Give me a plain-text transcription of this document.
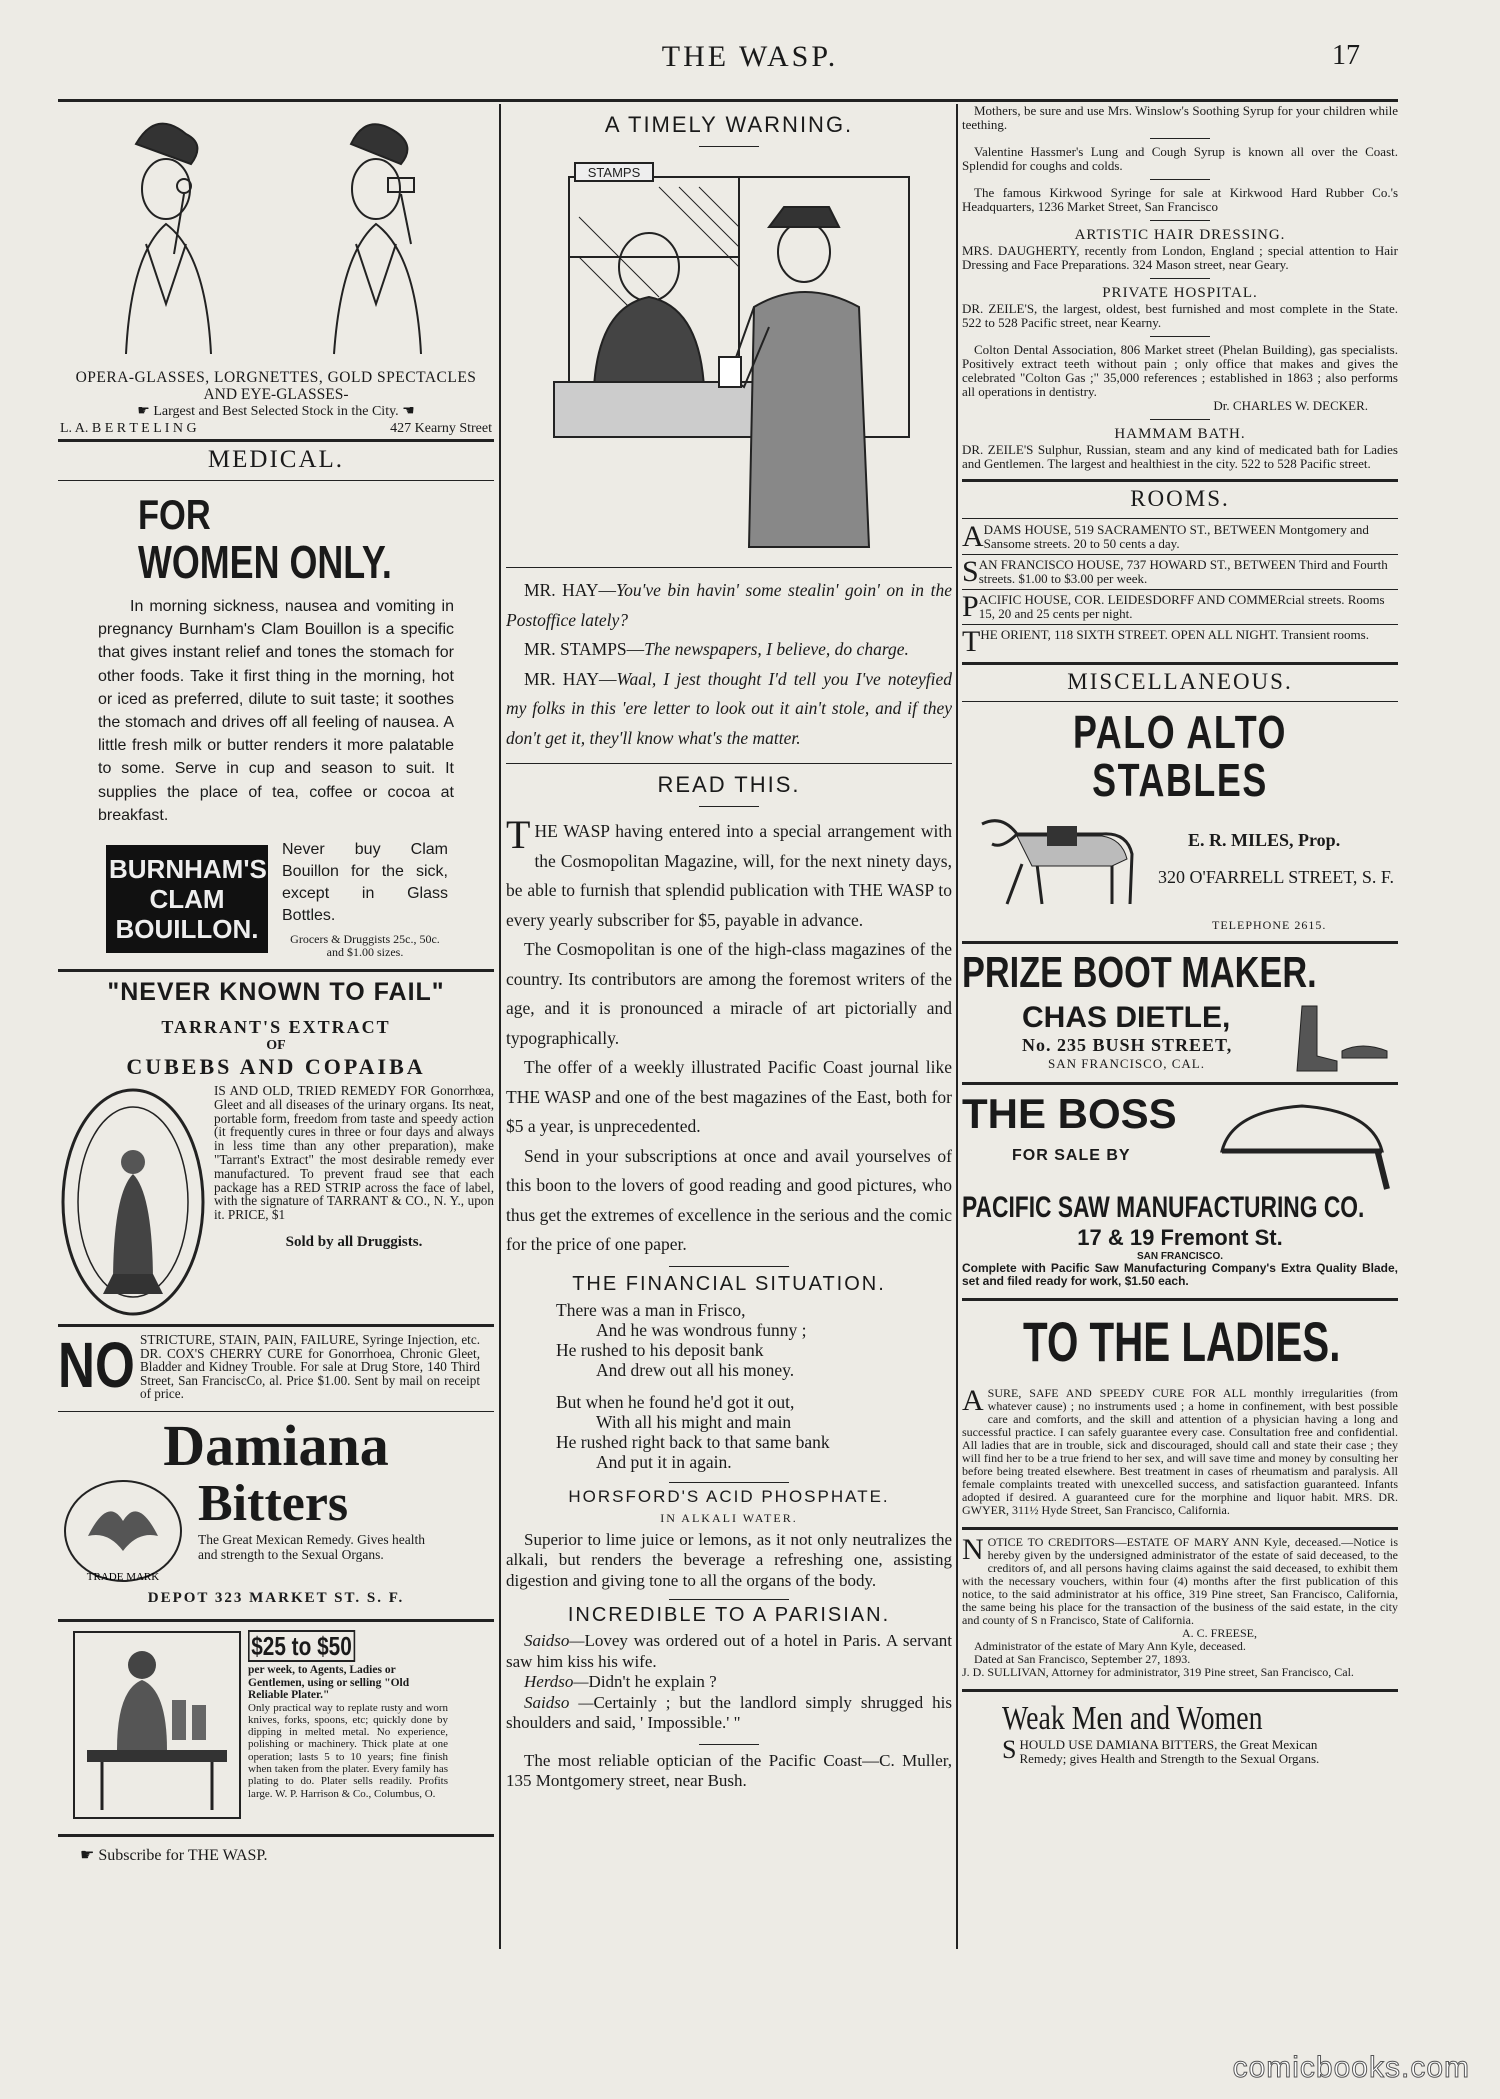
THE WASP.	17

OPERA-GLASSES, LORGNETTES, GOLD SPECTACLES

AND EYE-GLASSES-

☛ Largest and Best Selected Stock in the City. ☚

L. A. B E R T E L I N G	427 Kearny Street
MEDICAL.
FOR
WOMEN ONLY.

In morning sickness, nausea and vomiting in pregnancy Burnham's Clam Bouillon is a specific that gives instant relief and tones the stomach for other foods. Take it first thing in the morning, hot or iced as preferred, dilute to suit taste; it soothes the stomach and drives off all feeling of nausea. A little fresh milk or butter renders it more palatable to some. Serve in cup and season to suit. It supplies the place of tea, coffee or cocoa at breakfast.

BURNHAM'S
CLAM
BOUILLON.

Never buy Clam Bouillon for the sick, except in Glass Bottles.

Grocers & Druggists 25c., 50c. and $1.00 sizes.

"NEVER KNOWN TO FAIL"
TARRANT'S EXTRACT
OF
CUBEBS AND COPAIBA

IS AND OLD, TRIED REMEDY FOR Gonorrhœa, Gleet and all diseases of the urinary organs. Its neat, portable form, freedom from taste and speedy action (it frequently cures in three or four days and always in less time than any other preparation), make "Tarrant's Extract" the most desirable remedy ever manufactured. To prevent fraud see that each package has a RED STRIP across the face of label, with the signature of TARRANT & CO., N. Y., upon it. PRICE, $1

Sold by all Druggists.

NO STRICTURE, STAIN, PAIN, FAILURE, Syringe Injection, etc. DR. COX'S CHERRY CURE for Gonorrhoea, Chronic Gleet, Bladder and Kidney Trouble. For sale at Drug Store, 140 Third Street, San FranciscCo, al. Price $1.00. Sent by mail on receipt of price.

Damiana
TRADE MARK
Bitters

The Great Mexican Remedy. Gives health and strength to the Sexual Organs.

DEPOT 323 MARKET ST. S. F.
$25 to $50

per week, to Agents, Ladies or Gentlemen, using or selling "Old Reliable Plater."

Only practical way to replate rusty and worn knives, forks, spoons, etc; quickly done by dipping in melted metal. No experience, polishing or machinery. Thick plate at one operation; lasts 5 to 10 years; fine finish when taken from the plater. Every family has plating to do. Plater sells readily. Profits large. W. P. Harrison & Co., Columbus, O.

☛ Subscribe for THE WASP.

A TIMELY WARNING.
STAMPS

MR. HAY—You've bin havin' some stealin' goin' on in the Postoffice lately?

MR. STAMPS—The newspapers, I believe, do charge.

MR. HAY—Waal, I jest thought I'd tell you I've noteyfied my folks in this 'ere letter to look out it ain't stole, and if they don't get it, they'll know what's the matter.

READ THIS.

THE WASP having entered into a special arrangement with the Cosmopolitan Magazine, will, for the next ninety days, be able to furnish that splendid publication with THE WASP to every yearly subscriber for $5, payable in advance.

The Cosmopolitan is one of the high-class magazines of the country. Its contributors are among the foremost writers of the age, and it is pronounced a miracle of art pictorially and typographically.

The offer of a weekly illustrated Pacific Coast journal like THE WASP and one of the best magazines of the East, both for $5 a year, is unprecedented.

Send in your subscriptions at once and avail yourselves of this boon to the lovers of good reading and good pictures, who thus get the extremes of excellence in the serious and the comic for the price of one paper.

THE FINANCIAL SITUATION.

There was a man in Frisco,

And he was wondrous funny ;

He rushed to his deposit bank

And drew out all his money.

But when he found he'd got it out,

With all his might and main

He rushed right back to that same bank

And put it in again.

HORSFORD'S ACID PHOSPHATE.
IN ALKALI WATER.

Superior to lime juice or lemons, as it not only neutralizes the alkali, but renders the beverage a refreshing one, assisting digestion and giving tone to all the organs of the body.

INCREDIBLE TO A PARISIAN.

Saidso—Lovey was ordered out of a hotel in Paris. A servant saw him kiss his wife.

Herdso—Didn't he explain ?

Saidso —Certainly ; but the landlord simply shrugged his shoulders and said, ' Impossible.' "

The most reliable optician of the Pacific Coast—C. Muller, 135 Montgomery street, near Bush.

Mothers, be sure and use Mrs. Winslow's Soothing Syrup for your children while teething.

Valentine Hassmer's Lung and Cough Syrup is known all over the Coast. Splendid for coughs and colds.

The famous Kirkwood Syringe for sale at Kirkwood Hard Rubber Co.'s Headquarters, 1236 Market Street, San Francisco

ARTISTIC HAIR DRESSING.

MRS. DAUGHERTY, recently from London, England ; special attention to Hair Dressing and Face Preparations. 324 Mason street, near Geary.

PRIVATE HOSPITAL.

DR. ZEILE'S, the largest, oldest, best furnished and most complete in the State. 522 to 528 Pacific street, near Kearny.

Colton Dental Association, 806 Market street (Phelan Building), gas specialists. Positively extract teeth without pain ; only office that makes and gives the celebrated "Colton Gas ;" 35,000 references ; established in 1863 ; also performs all operations in dentistry.

Dr. CHARLES W. DECKER.

HAMMAM BATH.

DR. ZEILE'S Sulphur, Russian, steam and any kind of medicated bath for Ladies and Gentlemen. The largest and healthiest in the city. 522 to 528 Pacific street.

ROOMS.
A DAMS HOUSE, 519 SACRAMENTO ST., BETWEEN Montgomery and Sansome streets. 20 to 50 cents a day.
S AN FRANCISCO HOUSE, 737 HOWARD ST., BETWEEN Third and Fourth streets. $1.00 to $3.00 per week.
P ACIFIC HOUSE, COR. LEIDESDORFF AND COMMERcial streets. Rooms 15, 20 and 25 cents per night.
T HE ORIENT, 118 SIXTH STREET. OPEN ALL NIGHT. Transient rooms.
MISCELLANEOUS.
PALO ALTO STABLES
E. R. MILES, Prop.
320 O'FARRELL STREET, S. F.
TELEPHONE 2615.
PRIZE BOOT MAKER.
CHAS DIETLE,
No. 235 BUSH STREET,
SAN FRANCISCO, CAL.
THE BOSS
FOR SALE BY
PACIFIC SAW MANUFACTURING CO.
17 & 19 Fremont St.
SAN FRANCISCO.

Complete with Pacific Saw Manufacturing Company's Extra Quality Blade, set and filed ready for work, $1.50 each.

TO THE LADIES.

ASURE, SAFE AND SPEEDY CURE FOR ALL monthly irregularities (from whatever cause) ; no instruments used ; a home in confinement, with best possible care and comforts, and the skill and attention of a physician having a long and successful practice. I can safely guarantee every case. Consultation free and confidential. All ladies that are in trouble, sick and discouraged, should call and state their case ; they will find her to be a true friend to her sex, and will save time and money by consulting her before being treated elsewhere. Best treatment in cases of rheumatism and paralysis. All female complaints treated with unexcelled success, and satisfaction guaranteed. Infants adopted if desired. A guaranteed cure for the morphine and liquor habit. MRS. DR. GWYER, 311½ Hyde Street, San Francisco, California.

NOTICE TO CREDITORS—ESTATE OF MARY ANN Kyle, deceased.—Notice is hereby given by the undersigned administrator of the estate of said deceased, to the creditors of, and all persons having claims against the said deceased, to exhibit them with the necessary vouchers, within four (4) months after the first publication of this notice, to the said administrator at his office, 319 Pine street, San Francisco, California, the same being his place for the transaction of the business of the said estate, in the city and county of S n Francisco, State of California.

A. C. FREESE,

Administrator of the estate of Mary Ann Kyle, deceased.

Dated at San Francisco, September 27, 1893.

J. D. SULLIVAN, Attorney for administrator, 319 Pine street, San Francisco, Cal.

Weak Men and Women

SHOULD USE DAMIANA BITTERS, the Great Mexican Remedy; gives Health and Strength to the Sexual Organs.

comicbooks.com
